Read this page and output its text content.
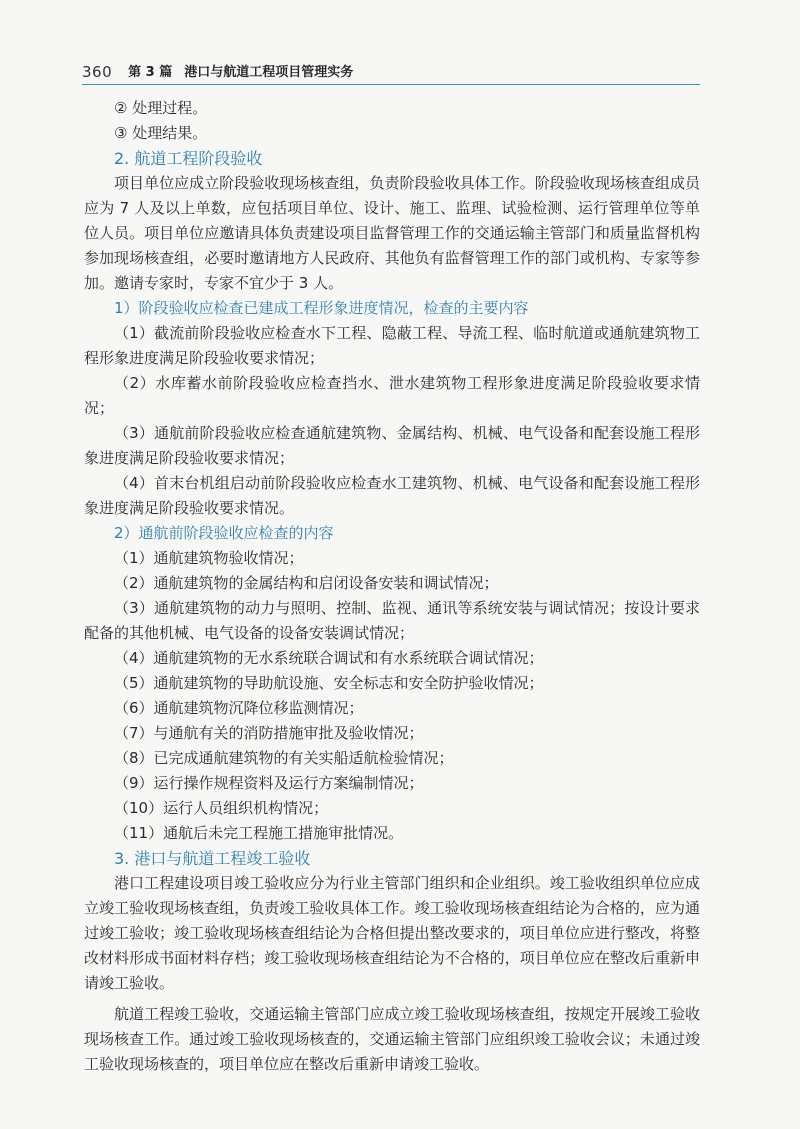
360 第 3 篇 港口与航道工程项目管理实务

② 处理过程。

③ 处理结果。

2. 航道工程阶段验收

项目单位应成立阶段验收现场核查组，负责阶段验收具体工作。阶段验收现场核查组成员应为 7 人及以上单数，应包括项目单位、设计、施工、监理、试验检测、运行管理单位等单位人员。项目单位应邀请具体负责建设项目监督管理工作的交通运输主管部门和质量监督机构参加现场核查组，必要时邀请地方人民政府、其他负有监督管理工作的部门或机构、专家等参加。邀请专家时，专家不宜少于 3 人。

1）阶段验收应检查已建成工程形象进度情况，检查的主要内容

（1）截流前阶段验收应检查水下工程、隐蔽工程、导流工程、临时航道或通航建筑物工程形象进度满足阶段验收要求情况；

（2）水库蓄水前阶段验收应检查挡水、泄水建筑物工程形象进度满足阶段验收要求情况；

（3）通航前阶段验收应检查通航建筑物、金属结构、机械、电气设备和配套设施工程形象进度满足阶段验收要求情况；

（4）首末台机组启动前阶段验收应检查水工建筑物、机械、电气设备和配套设施工程形象进度满足阶段验收要求情况。

2）通航前阶段验收应检查的内容

（1）通航建筑物验收情况；

（2）通航建筑物的金属结构和启闭设备安装和调试情况；

（3）通航建筑物的动力与照明、控制、监视、通讯等系统安装与调试情况；按设计要求配备的其他机械、电气设备的设备安装调试情况；

（4）通航建筑物的无水系统联合调试和有水系统联合调试情况；

（5）通航建筑物的导助航设施、安全标志和安全防护验收情况；

（6）通航建筑物沉降位移监测情况；

（7）与通航有关的消防措施审批及验收情况；

（8）已完成通航建筑物的有关实船适航检验情况；

（9）运行操作规程资料及运行方案编制情况；

（10）运行人员组织机构情况；

（11）通航后未完工程施工措施审批情况。

3. 港口与航道工程竣工验收

港口工程建设项目竣工验收应分为行业主管部门组织和企业组织。竣工验收组织单位应成立竣工验收现场核查组，负责竣工验收具体工作。竣工验收现场核查组结论为合格的，应为通过竣工验收；竣工验收现场核查组结论为合格但提出整改要求的，项目单位应进行整改，将整改材料形成书面材料存档；竣工验收现场核查组结论为不合格的，项目单位应在整改后重新申请竣工验收。

航道工程竣工验收，交通运输主管部门应成立竣工验收现场核查组，按规定开展竣工验收现场核查工作。通过竣工验收现场核查的，交通运输主管部门应组织竣工验收会议；未通过竣工验收现场核查的，项目单位应在整改后重新申请竣工验收。
